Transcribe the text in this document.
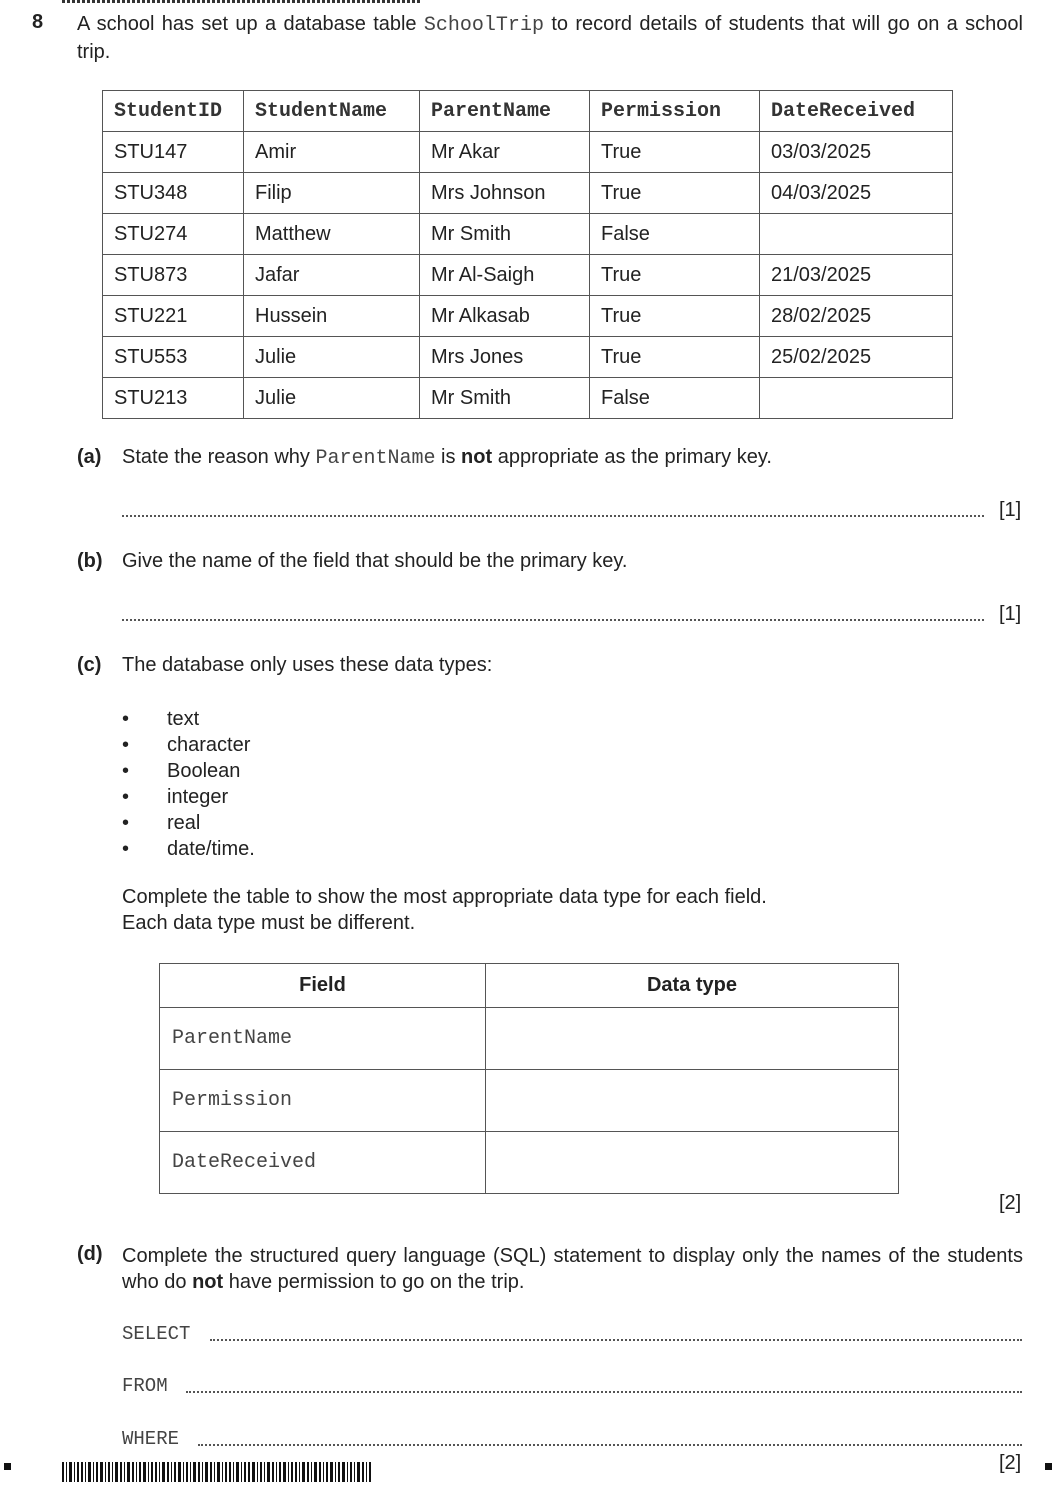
8 A school has set up a database table SchoolTrip to record details of students that will go on a school trip.
StudentID	StudentName	ParentName	Permission	DateReceived
STU147	Amir	Mr Akar	True	03/03/2025
STU348	Filip	Mrs Johnson	True	04/03/2025
STU274	Matthew	Mr Smith	False	
STU873	Jafar	Mr Al-Saigh	True	21/03/2025
STU221	Hussein	Mr Alkasab	True	28/02/2025
STU553	Julie	Mrs Jones	True	25/02/2025
STU213	Julie	Mr Smith	False	
(a) State the reason why ParentName is not appropriate as the primary key.
[1]
(b) Give the name of the field that should be the primary key.
[1]
(c) The database only uses these data types:
•	text
•	character
•	Boolean
•	integer
•	real
•	date/time.
Complete the table to show the most appropriate data type for each field.
Each data type must be different.
Field	Data type
ParentName	
Permission	
DateReceived	
[2]
(d) Complete the structured query language (SQL) statement to display only the names of the students who do not have permission to go on the trip.
SELECT
FROM
WHERE
[2]
